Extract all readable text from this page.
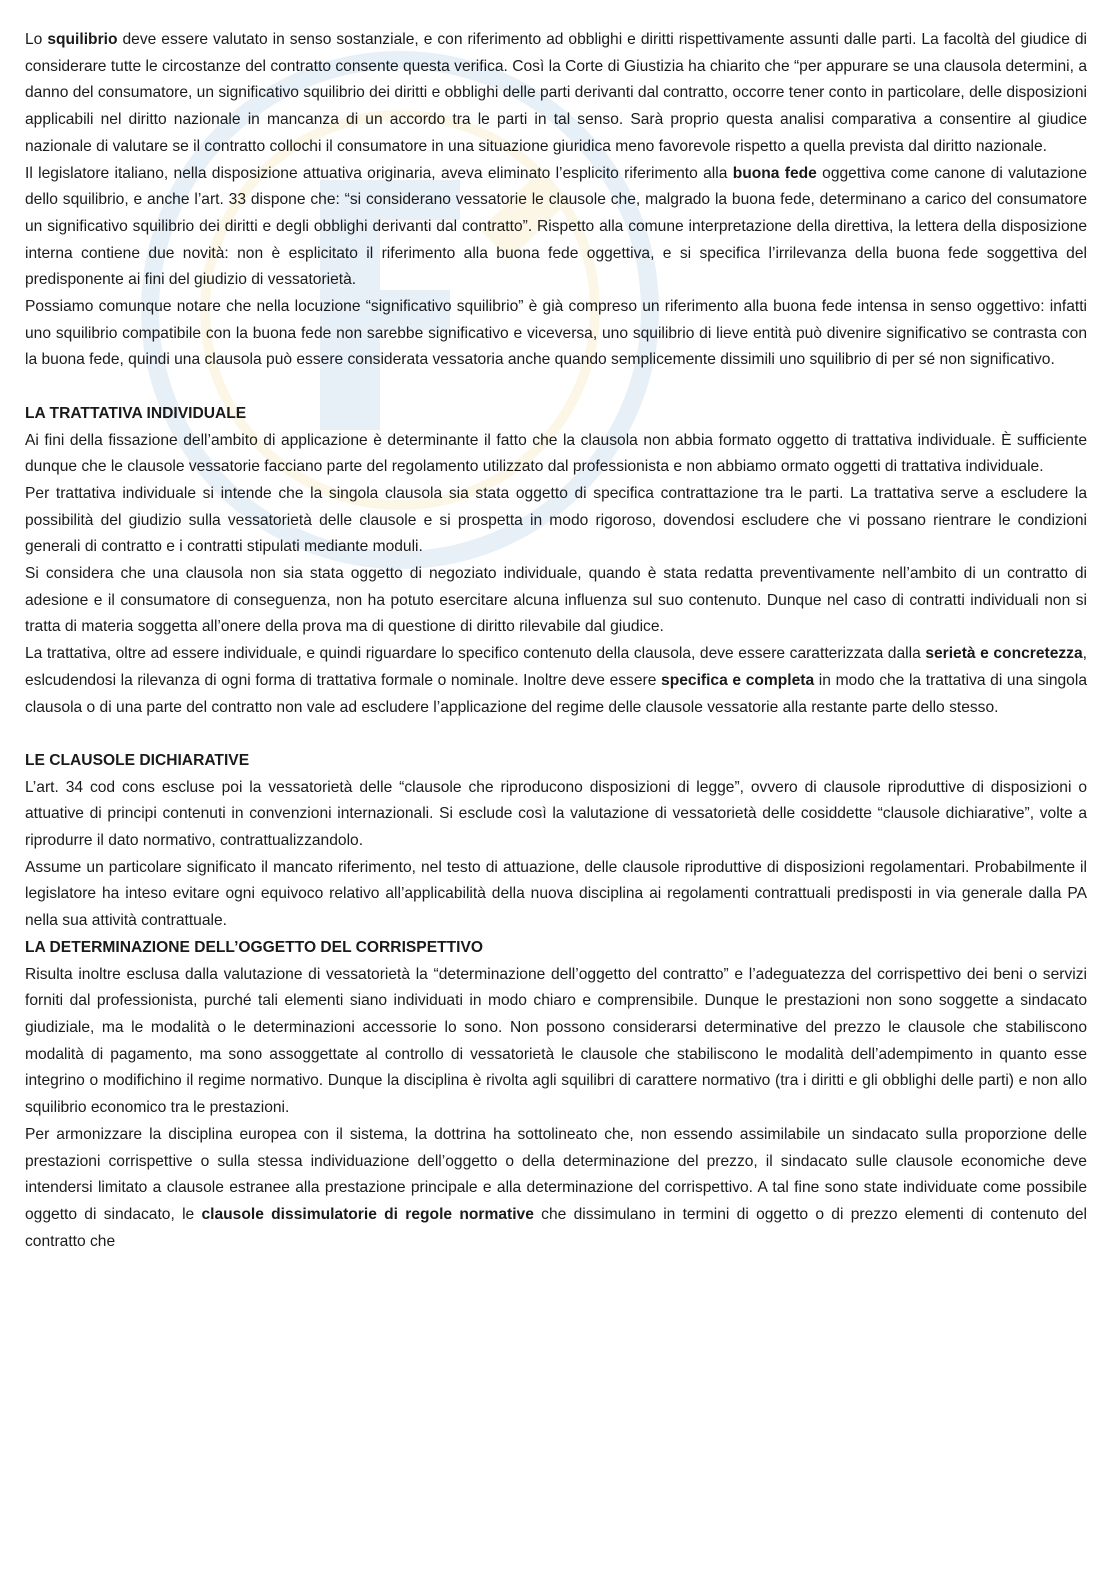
Lo squilibrio deve essere valutato in senso sostanziale, e con riferimento ad obblighi e diritti rispettivamente assunti dalle parti. La facoltà del giudice di considerare tutte le circostanze del contratto consente questa verifica. Così la Corte di Giustizia ha chiarito che “per appurare se una clausola determini, a danno del consumatore, un significativo squilibrio dei diritti e obblighi delle parti derivanti dal contratto, occorre tener conto in particolare, delle disposizioni applicabili nel diritto nazionale in mancanza di un accordo tra le parti in tal senso. Sarà proprio questa analisi comparativa a consentire al giudice nazionale di valutare se il contratto collochi il consumatore in una situazione giuridica meno favorevole rispetto a quella prevista dal diritto nazionale.

Il legislatore italiano, nella disposizione attuativa originaria, aveva eliminato l’esplicito riferimento alla buona fede oggettiva come canone di valutazione dello squilibrio, e anche l’art. 33 dispone che: “si considerano vessatorie le clausole che, malgrado la buona fede, determinano a carico del consumatore un significativo squilibrio dei diritti e degli obblighi derivanti dal contratto”. Rispetto alla comune interpretazione della direttiva, la lettera della disposizione interna contiene due novità: non è esplicitato il riferimento alla buona fede oggettiva, e si specifica l’irrilevanza della buona fede soggettiva del predisponente ai fini del giudizio di vessatorietà.

Possiamo comunque notare che nella locuzione “significativo squilibrio” è già compreso un riferimento alla buona fede intensa in senso oggettivo: infatti uno squilibrio compatibile con la buona fede non sarebbe significativo e viceversa, uno squilibrio di lieve entità può divenire significativo se contrasta con la buona fede, quindi una clausola può essere considerata vessatoria anche quando semplicemente dissimili uno squilibrio di per sé non significativo.

LA TRATTATIVA INDIVIDUALE

Ai fini della fissazione dell’ambito di applicazione è determinante il fatto che la clausola non abbia formato oggetto di trattativa individuale. È sufficiente dunque che le clausole vessatorie facciano parte del regolamento utilizzato dal professionista e non abbiamo ormato oggetti di trattativa individuale.

Per trattativa individuale si intende che la singola clausola sia stata oggetto di specifica contrattazione tra le parti. La trattativa serve a escludere la possibilità del giudizio sulla vessatorietà delle clausole e si prospetta in modo rigoroso, dovendosi escludere che vi possano rientrare le condizioni generali di contratto e i contratti stipulati mediante moduli.

Si considera che una clausola non sia stata oggetto di negoziato individuale, quando è stata redatta preventivamente nell’ambito di un contratto di adesione e il consumatore di conseguenza, non ha potuto esercitare alcuna influenza sul suo contenuto. Dunque nel caso di contratti individuali non si tratta di materia soggetta all’onere della prova ma di questione di diritto rilevabile dal giudice.

La trattativa, oltre ad essere individuale, e quindi riguardare lo specifico contenuto della clausola, deve essere caratterizzata dalla serietà e concretezza, eslcudendosi la rilevanza di ogni forma di trattativa formale o nominale. Inoltre deve essere specifica e completa in modo che la trattativa di una singola clausola o di una parte del contratto non vale ad escludere l’applicazione del regime delle clausole vessatorie alla restante parte dello stesso.

LE CLAUSOLE DICHIARATIVE

L’art. 34 cod cons escluse poi la vessatorietà delle “clausole che riproducono disposizioni di legge”, ovvero di clausole riproduttive di disposizioni o attuative di principi contenuti in convenzioni internazionali. Si esclude così la valutazione di vessatorietà delle cosiddette “clausole dichiarative”, volte a riprodurre il dato normativo, contrattualizzandolo.

Assume un particolare significato il mancato riferimento, nel testo di attuazione, delle clausole riproduttive di disposizioni regolamentari. Probabilmente il legislatore ha inteso evitare ogni equivoco relativo all’applicabilità della nuova disciplina ai regolamenti contrattuali predisposti in via generale dalla PA nella sua attività contrattuale.

LA DETERMINAZIONE DELL’OGGETTO DEL CORRISPETTIVO

Risulta inoltre esclusa dalla valutazione di vessatorietà la “determinazione dell’oggetto del contratto” e l’adeguatezza del corrispettivo dei beni o servizi forniti dal professionista, purché tali elementi siano individuati in modo chiaro e comprensibile. Dunque le prestazioni non sono soggette a sindacato giudiziale, ma le modalità o le determinazioni accessorie lo sono. Non possono considerarsi determinative del prezzo le clausole che stabiliscono modalità di pagamento, ma sono assoggettate al controllo di vessatorietà le clausole che stabiliscono le modalità dell’adempimento in quanto esse integrino o modifichino il regime normativo. Dunque la disciplina è rivolta agli squilibri di carattere normativo (tra i diritti e gli obblighi delle parti) e non allo squilibrio economico tra le prestazioni.

Per armonizzare la disciplina europea con il sistema, la dottrina ha sottolineato che, non essendo assimilabile un sindacato sulla proporzione delle prestazioni corrispettive o sulla stessa individuazione dell’oggetto o della determinazione del prezzo, il sindacato sulle clausole economiche deve intendersi limitato a clausole estranee alla prestazione principale e alla determinazione del corrispettivo. A tal fine sono state individuate come possibile oggetto di sindacato, le clausole dissimulatorie di regole normative che dissimulano in termini di oggetto o di prezzo elementi di contenuto del contratto che
